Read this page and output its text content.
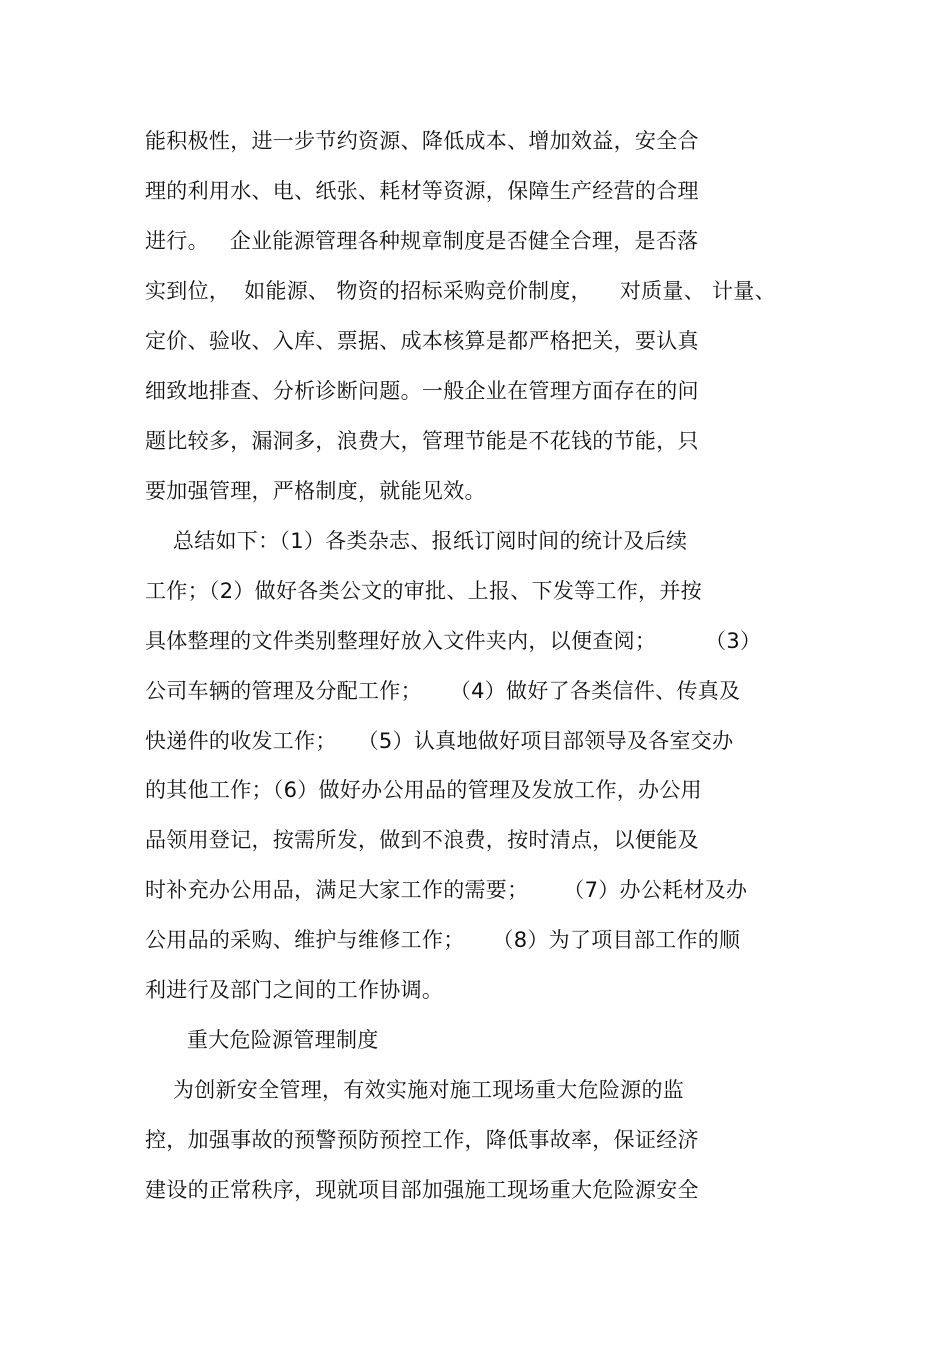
能积极性，进一步节约资源、降低成本、增加效益，安全合
理的利用水、电、纸张、耗材等资源，保障生产经营的合理
进行。   企业能源管理各种规章制度是否健全合理，是否落
实到位，  如能源、 物资的招标采购竞价制度，    对质量、 计量、
定价、验收、入库、票据、成本核算是都严格把关，要认真
细致地排查、分析诊断问题。一般企业在管理方面存在的问
题比较多，漏洞多，浪费大，管理节能是不花钱的节能，只
要加强管理，严格制度，就能见效。
总结如下：（1）各类杂志、报纸订阅时间的统计及后续
工作；（2）做好各类公文的审批、上报、下发等工作，并按
具体整理的文件类别整理好放入文件夹内，以便查阅；       （3）
公司车辆的管理及分配工作；    （4）做好了各类信件、传真及
快递件的收发工作；   （5）认真地做好项目部领导及各室交办
的其他工作；（6）做好办公用品的管理及发放工作，办公用
品领用登记，按需所发，做到不浪费，按时清点，以便能及
时补充办公用品，满足大家工作的需要；     （7）办公耗材及办
公用品的采购、维护与维修工作；    （8）为了项目部工作的顺
利进行及部门之间的工作协调。
重大危险源管理制度
为创新安全管理，有效实施对施工现场重大危险源的监
控，加强事故的预警预防预控工作，降低事故率，保证经济
建设的正常秩序，现就项目部加强施工现场重大危险源安全
